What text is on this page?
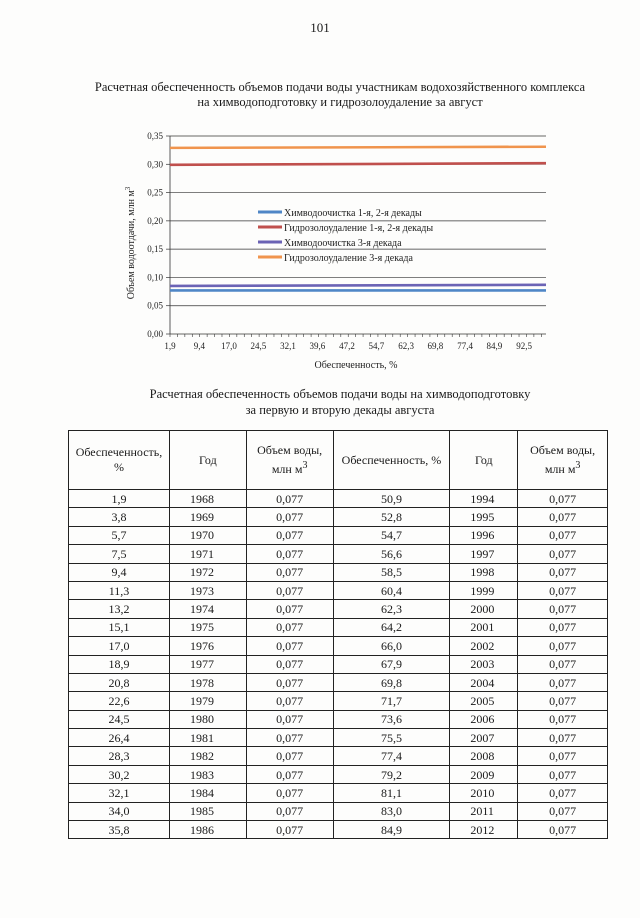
101
Расчетная обеспеченность объемов подачи воды участникам водохозяйственного комплекса
на химводоподготовку и гидрозолоудаление за август
0,00
0,05
0,10
0,15
0,20
0,25
0,30
0,35
1,9 9,4 17,0 24,5 32,1 39,6 47,2 54,7 62,3 69,8 77,4 84,9 92,5
Химводоочистка 1-я, 2-я декады
Гидрозолоудаление 1-я, 2-я декады
Химводоочистка 3-я декада
Гидрозолоудаление 3-я декада
Объем водоотдачи, млн $м^3$
Обеспеченность, %
Расчетная обеспеченность объемов подачи воды на химводоподготовку
за первую и вторую декады августа
Обеспеченность, %	Год	Объем воды, млн $м^3$	Обеспеченность, %	Год	Объем воды, млн $м^3$
1,9	1968	0,077	50,9	1994	0,077
3,8	1969	0,077	52,8	1995	0,077
5,7	1970	0,077	54,7	1996	0,077
7,5	1971	0,077	56,6	1997	0,077
9,4	1972	0,077	58,5	1998	0,077
11,3	1973	0,077	60,4	1999	0,077
13,2	1974	0,077	62,3	2000	0,077
15,1	1975	0,077	64,2	2001	0,077
17,0	1976	0,077	66,0	2002	0,077
18,9	1977	0,077	67,9	2003	0,077
20,8	1978	0,077	69,8	2004	0,077
22,6	1979	0,077	71,7	2005	0,077
24,5	1980	0,077	73,6	2006	0,077
26,4	1981	0,077	75,5	2007	0,077
28,3	1982	0,077	77,4	2008	0,077
30,2	1983	0,077	79,2	2009	0,077
32,1	1984	0,077	81,1	2010	0,077
34,0	1985	0,077	83,0	2011	0,077
35,8	1986	0,077	84,9	2012	0,077
